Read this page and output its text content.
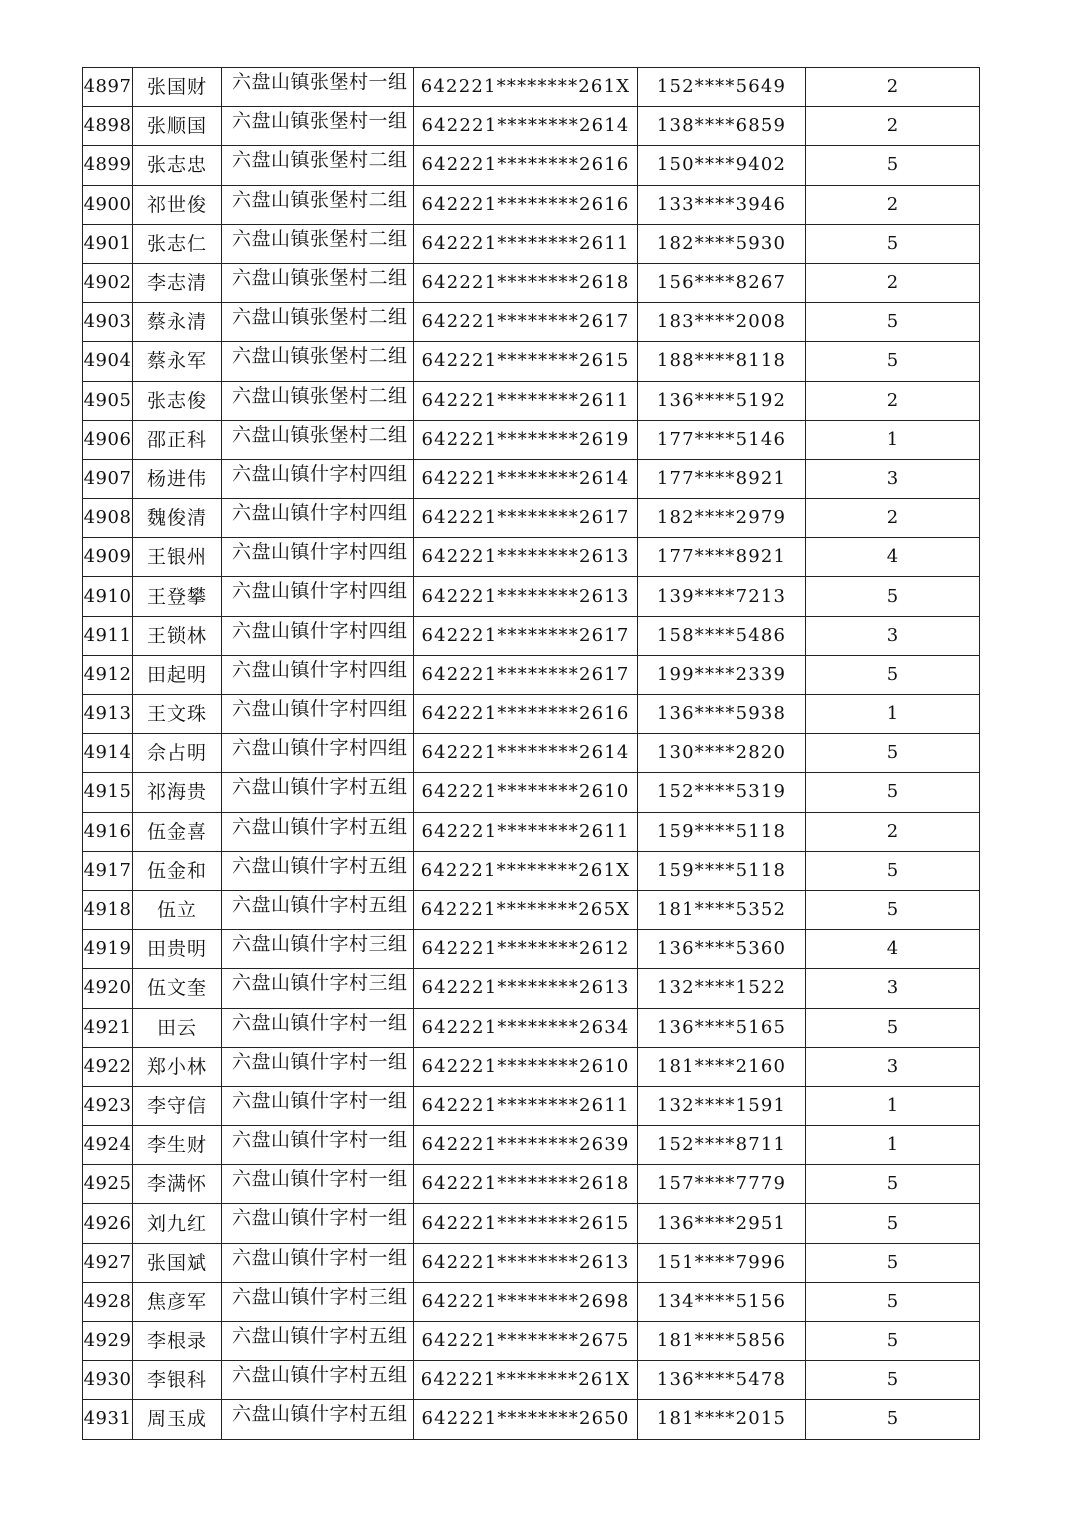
4897	张国财	六盘山镇张堡村一组	642221********261X	152****5649	2
4898	张顺国	六盘山镇张堡村一组	642221********2614	138****6859	2
4899	张志忠	六盘山镇张堡村二组	642221********2616	150****9402	5
4900	祁世俊	六盘山镇张堡村二组	642221********2616	133****3946	2
4901	张志仁	六盘山镇张堡村二组	642221********2611	182****5930	5
4902	李志清	六盘山镇张堡村二组	642221********2618	156****8267	2
4903	蔡永清	六盘山镇张堡村二组	642221********2617	183****2008	5
4904	蔡永军	六盘山镇张堡村二组	642221********2615	188****8118	5
4905	张志俊	六盘山镇张堡村二组	642221********2611	136****5192	2
4906	邵正科	六盘山镇张堡村二组	642221********2619	177****5146	1
4907	杨进伟	六盘山镇什字村四组	642221********2614	177****8921	3
4908	魏俊清	六盘山镇什字村四组	642221********2617	182****2979	2
4909	王银州	六盘山镇什字村四组	642221********2613	177****8921	4
4910	王登攀	六盘山镇什字村四组	642221********2613	139****7213	5
4911	王锁林	六盘山镇什字村四组	642221********2617	158****5486	3
4912	田起明	六盘山镇什字村四组	642221********2617	199****2339	5
4913	王文珠	六盘山镇什字村四组	642221********2616	136****5938	1
4914	佘占明	六盘山镇什字村四组	642221********2614	130****2820	5
4915	祁海贵	六盘山镇什字村五组	642221********2610	152****5319	5
4916	伍金喜	六盘山镇什字村五组	642221********2611	159****5118	2
4917	伍金和	六盘山镇什字村五组	642221********261X	159****5118	5
4918	伍立	六盘山镇什字村五组	642221********265X	181****5352	5
4919	田贵明	六盘山镇什字村三组	642221********2612	136****5360	4
4920	伍文奎	六盘山镇什字村三组	642221********2613	132****1522	3
4921	田云	六盘山镇什字村一组	642221********2634	136****5165	5
4922	郑小林	六盘山镇什字村一组	642221********2610	181****2160	3
4923	李守信	六盘山镇什字村一组	642221********2611	132****1591	1
4924	李生财	六盘山镇什字村一组	642221********2639	152****8711	1
4925	李满怀	六盘山镇什字村一组	642221********2618	157****7779	5
4926	刘九红	六盘山镇什字村一组	642221********2615	136****2951	5
4927	张国斌	六盘山镇什字村一组	642221********2613	151****7996	5
4928	焦彦军	六盘山镇什字村三组	642221********2698	134****5156	5
4929	李根录	六盘山镇什字村五组	642221********2675	181****5856	5
4930	李银科	六盘山镇什字村五组	642221********261X	136****5478	5
4931	周玉成	六盘山镇什字村五组	642221********2650	181****2015	5
